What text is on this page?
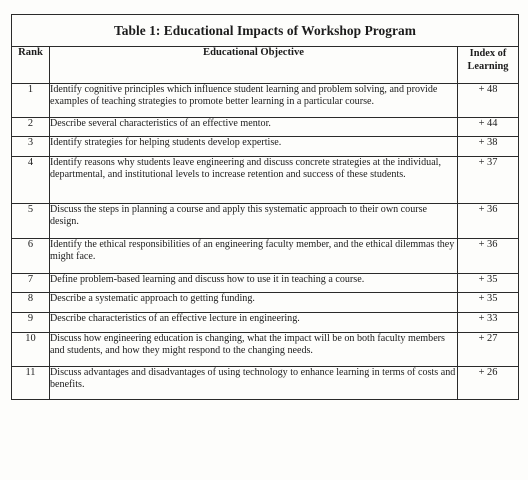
Table 1: Educational Impacts of Workshop Program		
Rank	Educational Objective	Index of
Learning
1	Identify cognitive principles which influence student learning and problem solving, and provide examples of teaching strategies to promote better learning in a particular course.	+ 48
2	Describe several characteristics of an effective mentor.	+ 44
3	Identify strategies for helping students develop expertise.	+ 38
4	Identify reasons why students leave engineering and discuss concrete strategies at the individual, departmental, and institutional levels to increase retention and success of these students.	+ 37
5	Discuss the steps in planning a course and apply this systematic approach to their own course design.	+ 36
6	Identify the ethical responsibilities of an engineering faculty member, and the ethical dilemmas they might face.	+ 36
7	Define problem-based learning and discuss how to use it in teaching a course.	+ 35
8	Describe a systematic approach to getting funding.	+ 35
9	Describe characteristics of an effective lecture in engineering.	+ 33
10	Discuss how engineering education is changing, what the impact will be on both faculty members and students, and how they might respond to the changing needs.	+ 27
11	Discuss advantages and disadvantages of using technology to enhance learning in terms of costs and benefits.	+ 26
